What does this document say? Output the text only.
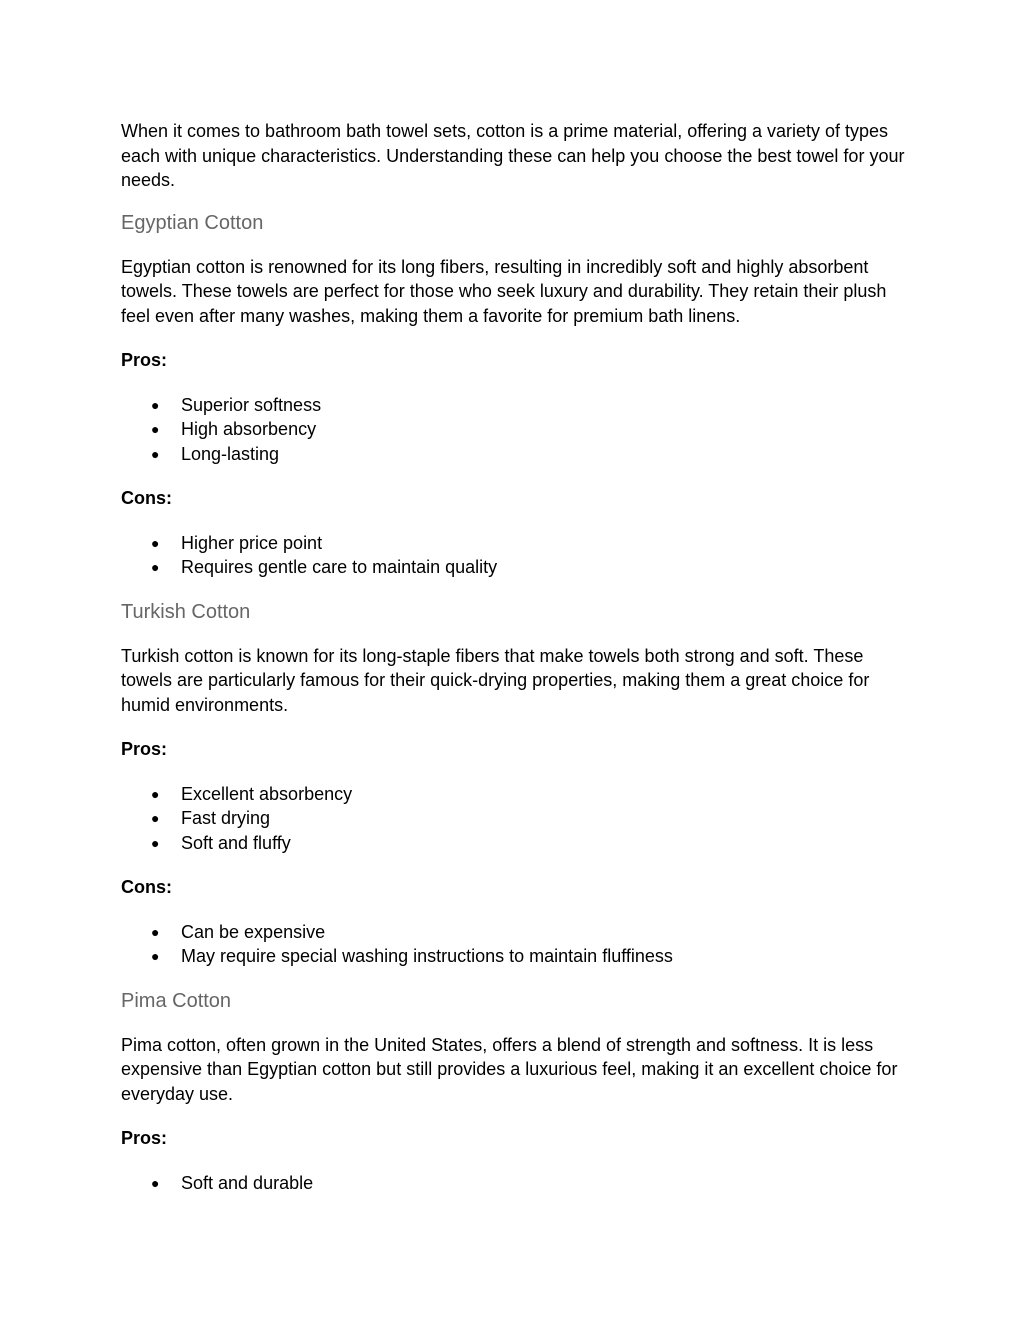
When it comes to bathroom bath towel sets, cotton is a prime material, offering a variety of types each with unique characteristics. Understanding these can help you choose the best towel for your needs.

Egyptian Cotton

Egyptian cotton is renowned for its long fibers, resulting in incredibly soft and highly absorbent towels. These towels are perfect for those who seek luxury and durability. They retain their plush feel even after many washes, making them a favorite for premium bath linens.

Pros:

● Superior softness
● High absorbency
● Long-lasting

Cons:

● Higher price point
● Requires gentle care to maintain quality
Turkish Cotton

Turkish cotton is known for its long-staple fibers that make towels both strong and soft. These towels are particularly famous for their quick-drying properties, making them a great choice for humid environments.

Pros:

● Excellent absorbency
● Fast drying
● Soft and fluffy

Cons:

● Can be expensive
● May require special washing instructions to maintain fluffiness
Pima Cotton

Pima cotton, often grown in the United States, offers a blend of strength and softness. It is less expensive than Egyptian cotton but still provides a luxurious feel, making it an excellent choice for everyday use.

Pros:

● Soft and durable
